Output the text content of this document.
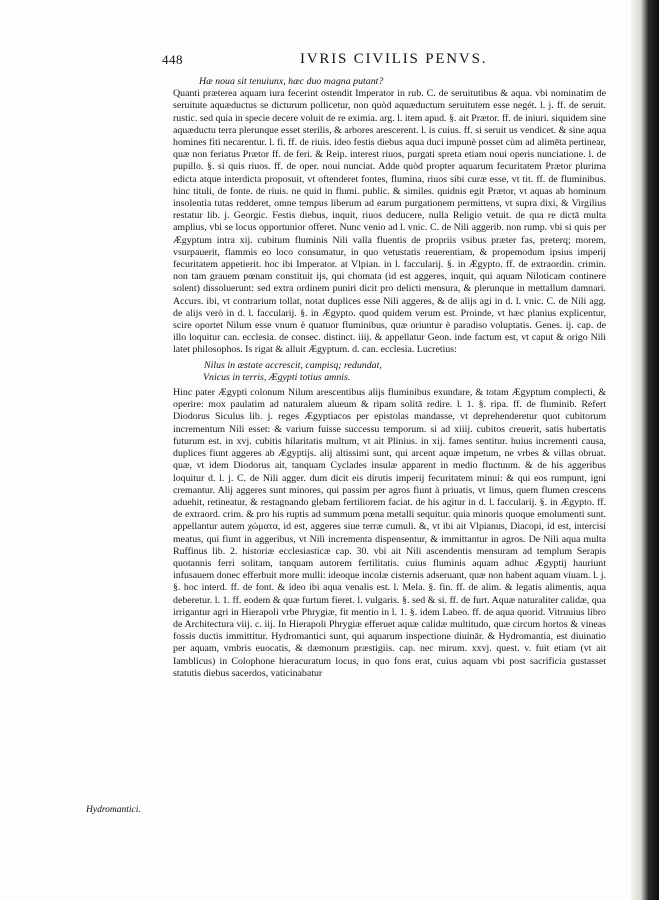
448	IVRIS CIVILIS PENVS.

Hæ noua sit tenuiunx, hæc duo magna putant?

Quanti præterea aquam iura fecerint ostendit Imperator in rub. C. de seruitutibus & aqua. vbi nominatim de seruitute aquæductus se dicturum pollicetur, non quòd aquæductum seruitutem esse negét. l. j. ff. de seruit. rustic. sed quia in specie decere voluit de re eximia. arg. l. item apud. §. ait Prætor. ff. de iniuri. siquidem sine aquæductu terra plerunque esset sterilis, & arbores arescerent. l. is cuius. ff. si seruit us vendicet. & sine aqua homines fiti necarentur. l. fi. ff. de riuis. ideo festis diebus aqua duci impunè posset cùm ad alimēta pertinear, quæ non feriatus Prætor ff. de feri. & Reip. interest riuos, purgati spreta etiam noui operis nunciatione. l. de pupillo. §. si quis riuos. ff. de oper. noui nunciat. Adde quòd propter aquarum fecuritatem Prætor plurima edicta atque interdicta proposuit, vt oftenderet fontes, flumina, riuos sibi curæ esse, vt tit. ff. de fluminibus. hinc tituli, de fonte. de riuis. ne quid in flumi. public. & similes. quidnis egit Prætor, vt aquas ab hominum insolentia tutas redderet, omne tempus liberum ad earum purgationem permittens, vt supra dixi, & Virgilius restatur lib. j. Georgic. Festis diebus, inquit, riuos deducere, nulla Religio vetuit. de qua re dictā multa amplius, vbi se locus opportunior offeret. Nunc venio ad l. vnic. C. de Nili aggerib. non rump. vbi si quis per Ægyptum intra xij. cubitum fluminis Nili valla fluentis de propriis vsibus præter fas, preterq; morem, vsurpauerit, flammis eo loco consumatur, in quo vetustatis reuerentiam, & propemodum ipsius imperij fecuritatem appetierit. hoc ibi Imperator. at Vlpian. in l. faccularij. §. in Ægypto. ff. de extraordin. crimin. non tam grauem pœnam constituit ijs, qui chomata (id est aggeres, inquit, qui aquam Niloticam continere solent) dissoluerunt: sed extra ordinem puniri dicit pro delicti mensura, & plerunque in mettallum damnari. Accurs. ibi, vt contrarium tollat, notat duplices esse Nili aggeres, & de alijs agi in d. l. vnic. C. de Nili agg. de alijs verò in d. l. faccularij. §. in Ægypto. quod quidem verum est. Proinde, vt hæc planius explicentur, scire oportet Nilum esse vnum è quatuor fluminibus, quæ oriuntur è paradiso voluptatis. Genes. ij. cap. de illo loquitur can. ecclesia. de consec. distinct. iiij. & appellatur Geon. inde factum est, vt caput & origo Nili latet philosophos. Is rigat & alluit Ægyptum. d. can. ecclesia. Lucretius:

Nilus in æstate accrescit, campisq; redundat,

Vnicus in terris, Ægypti totius amnis.

Hinc pater Ægypti colonum Nilum arescentibus alijs fluminibus exundare, & totam Ægyptum complecti, & operire: mox paulatim ad naturalem alueum & ripam solitā redire. l. 1. §. ripa. ff. de fluminib. Refert Diodorus Siculus lib. j. reges Ægyptiacos per epistolas mandasse, vt deprehenderetur quot cubitorum incrementum Nili esset: & varium fuisse successu temporum. si ad xiiij. cubitos creuerit, satis hubertatis futurum est. in xvj. cubitis hilaritatis multum, vt ait Plinius. in xij. fames sentitur. huius incrementi causa, duplices fiunt aggeres ab Ægyptijs. alij altissimi sunt, qui arcent aquæ impetum, ne vrbes & villas obruat. quæ, vt idem Diodorus ait, tanquam Cyclades insulæ apparent in medio fluctuum. & de his aggeribus loquitur d. l. j. C. de Nili agger. dum dicit eis dirutis imperij fecuritatem minui: & qui eos rumpunt, igni cremantur. Alij aggeres sunt minores, qui passim per agros fiunt à priuatis, vt limus, quem flumen crescens aduehit, retineatur, & restagnando glebam fertiliorem faciat. de his agitur in d. l. faccularij. §. in Ægypto. ff. de extraord. crim. & pro his ruptis ad summum pœna metalli sequitur. quia minoris quoque emolumenti sunt. appellantur autem χώματα, id est, aggeres siue terræ cumuli. &, vt ibi ait Vlpianus, Diacopi, id est, intercisi meatus, qui fiunt in aggeribus, vt Nili incrementa dispensentur, & immittantur in agros. De Nili aqua multa Ruffinus lib. 2. historiæ ecclesiasticæ cap. 30. vbi ait Nili ascendentis mensuram ad templum Serapis quotannis ferri solitam, tanquam autorem fertilitatis. cuius fluminis aquam adhuc Ægyptij hauriunt infusauem donec efferbuit more mulli: ideoque incolæ cisternis adseruant, quæ non habent aquam viuam. l. j. §. hoc interd. ff. de font. & ideo ibi aqua venalis est. l. Mela. §. fin. ff. de alim. & legatis alimentis, aqua deberetur. l. 1. ff. eodem & quæ furtum fieret. l. vulgaris. §. sed & si. ff. de furt. Aquæ naturaliter calidæ, qua irrigantur agri in Hierapoli vrbe Phrygiæ, fit mentio in l. 1. §. idem Labeo. ff. de aqua quorid. Vitruuius libro de Architectura viij. c. iij. In Hierapoli Phrygiæ efferuet aquæ calidæ multitudo, quæ circum hortos & vineas fossis ductis immittitur. Hydromantici sunt, qui aquarum inspectione diuinār. & Hydromantia, est diuinatio per aquam, vmbris euocatis, & dæmonum præstigiis. cap. nec mirum. xxvj. quest. v. fuit etiam (vt ait Iamblicus) in Colophone hieracuratum locus, in quo fons erat, cuius aquam vbi post sacrificia gustasset statutis diebus sacerdos, vaticinabatur

Hydromantici.
